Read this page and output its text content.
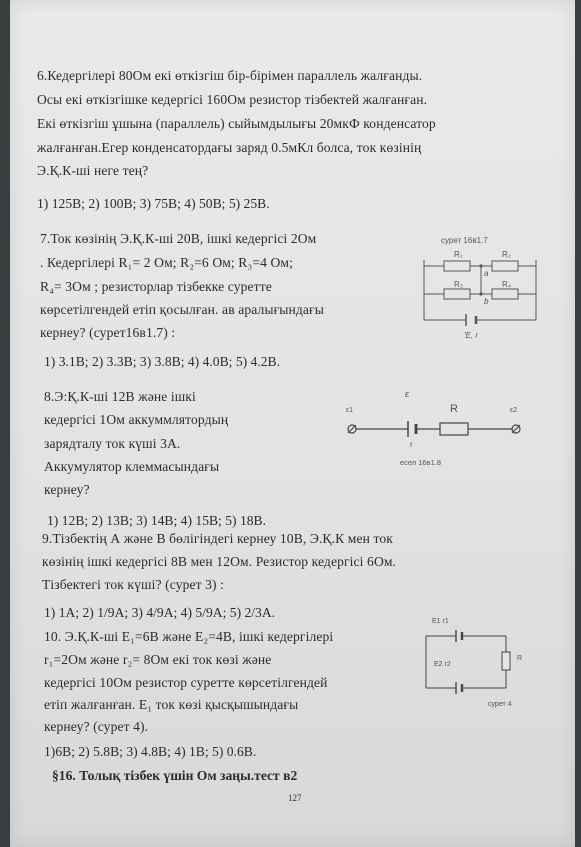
6.Кедергілері 80Ом екі өткізгіш бір-бірімен параллель жалғанды.
Осы екі өткізгішке кедергісі 160Ом резистор тізбектей жалғанған.
Екі өткізгіш ұшына (параллель) сыйымдылығы 20мкФ конденсатор
жалғанған.Егер конденсатордағы заряд 0.5мКл болса, ток көзінің
Э.Қ.К-ші неге тең?
1) 125В; 2) 100В; 3) 75В; 4) 50В; 5) 25В.
7.Ток көзінің Э.Қ.К-ші 20В, ішкі кедергісі 2Ом
. Кедергілері R₁= 2 Ом; R₂=6 Ом; R₃=4 Ом;
R₄= 3Ом ; резисторлар тізбекке суретте
көрсетілгендей етіп қосылған. ав аралығындағы
кернеу? (сурет16в1.7) :
1) 3.1В; 2) 3.3В; 3) 3.8В; 4) 4.0В; 5) 4.2В.
сурет 16в1.7
R₁	R₂
R₃	R₄
a
b
'E, r
8.Э:Қ.К-ші 12В және ішкі
кедергісі 1Ом аккуммлятордың
зарядталу ток күші 3А.
Аккумулятор клеммасындағы
кернеу?
1) 12В; 2) 13В; 3) 14В; 4) 15В; 5) 18В.
ε
R
ε1	ε2
r
есеп 16в1.8
9.Тізбектің А және В бөлігіндегі кернеу 10В, Э.Қ.К мен ток
көзінің ішкі кедергісі 8В мен 12Ом. Резистор кедергісі 6Ом.
Тізбектегі ток күші? (сурет 3) :
1) 1А; 2) 1/9А; 3) 4/9А; 4) 5/9А; 5) 2/3А.
10. Э.Қ.К-ші Е₁=6В және Е₂=4В, ішкі кедергілері
r₁=2Ом және r₂= 8Ом екі ток көзі және
кедергісі 10Ом резистор суретте көрсетілгендей
етіп жалғанған. Е₁ ток көзі қысқышындағы
кернеу? (сурет 4).
1)6В; 2) 5.8В; 3) 4.8В; 4) 1В; 5) 0.6В.
E1 r1
E2 r2
R
сурет 4
§16. Толық тізбек үшін Ом заңы.тест в2
127
